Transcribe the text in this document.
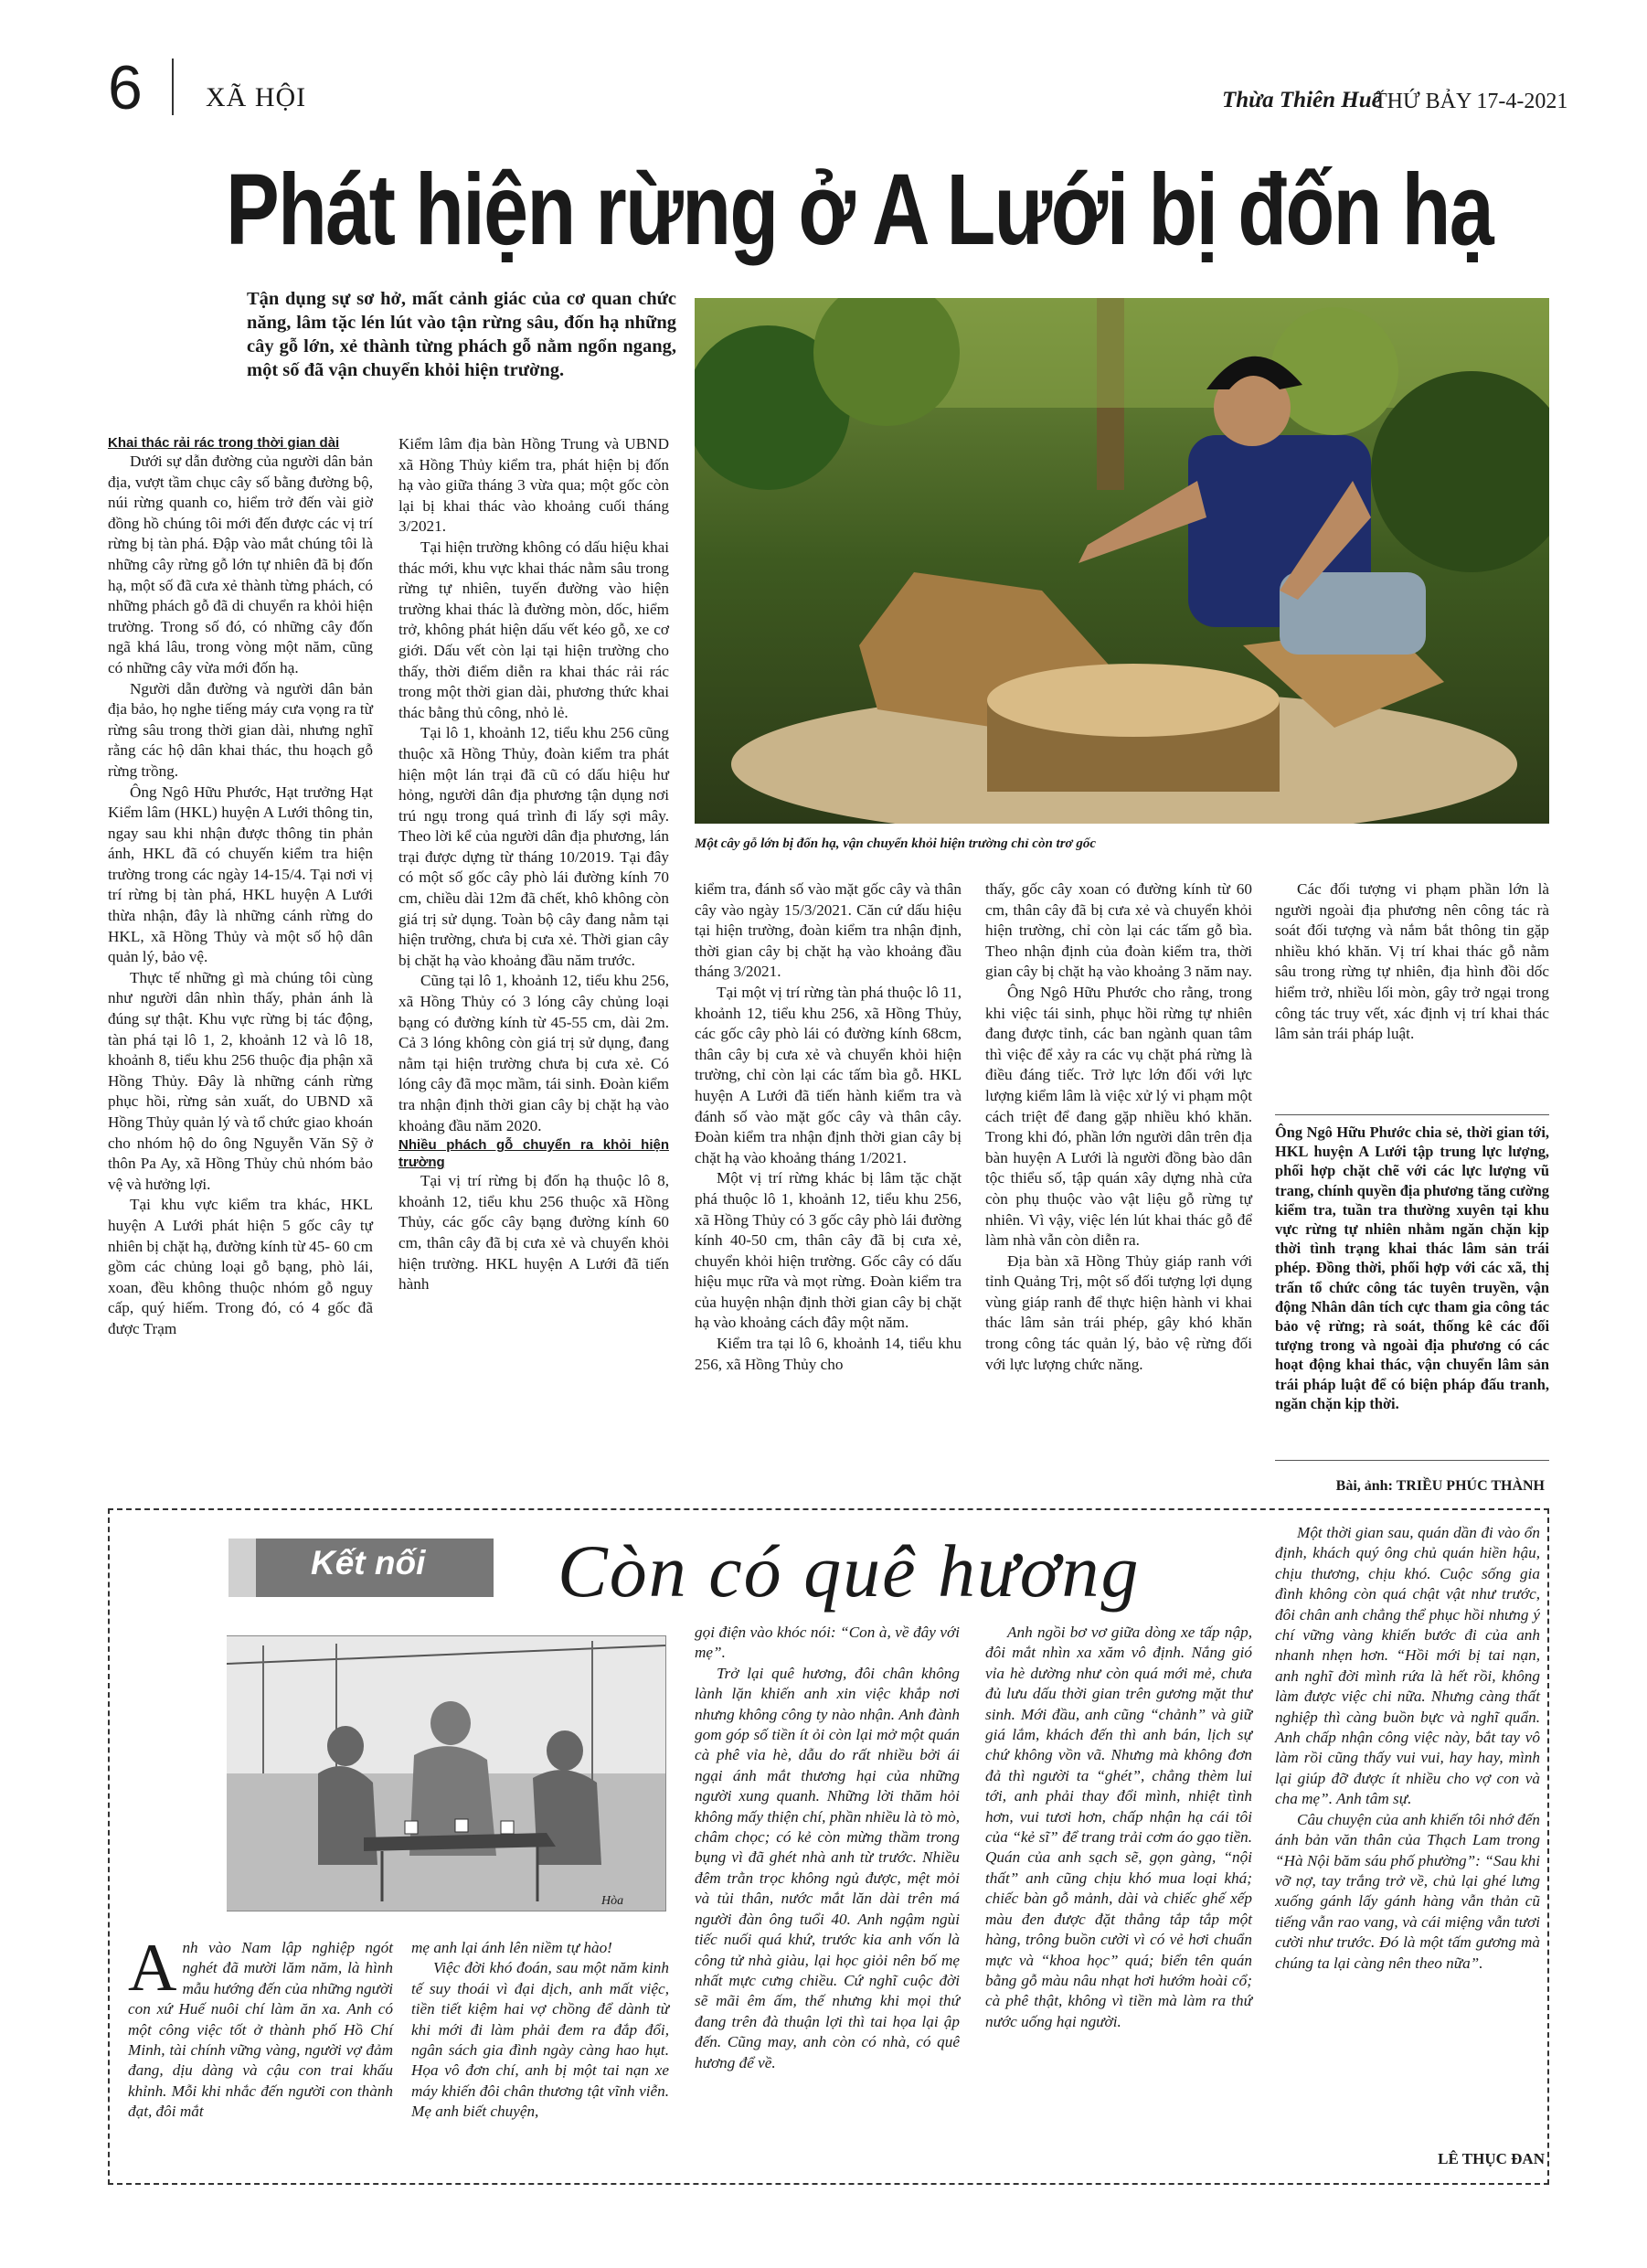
6 XÃ HỘI	Thừa Thiên Huế
THỨ BẢY 17-4-2021
Phát hiện rừng ở A Lưới bị đốn hạ
Tận dụng sự sơ hở, mất cảnh giác của cơ quan chức năng, lâm tặc lén lút vào tận rừng sâu, đốn hạ những cây gỗ lớn, xẻ thành từng phách gỗ nằm ngổn ngang, một số đã vận chuyển khỏi hiện trường.
Một cây gỗ lớn bị đốn hạ, vận chuyển khỏi hiện trường chỉ còn trơ gốc

Khai thác rải rác trong thời gian dài

Dưới sự dẫn đường của người dân bản địa, vượt tầm chục cây số bằng đường bộ, núi rừng quanh co, hiểm trở đến vài giờ đồng hồ chúng tôi mới đến được các vị trí rừng bị tàn phá. Đập vào mắt chúng tôi là những cây rừng gỗ lớn tự nhiên đã bị đốn hạ, một số đã cưa xẻ thành từng phách, có những phách gỗ đã di chuyển ra khỏi hiện trường. Trong số đó, có những cây đốn ngã khá lâu, trong vòng một năm, cũng có những cây vừa mới đốn hạ.

Người dẫn đường và người dân bản địa bảo, họ nghe tiếng máy cưa vọng ra từ rừng sâu trong thời gian dài, nhưng nghĩ rằng các hộ dân khai thác, thu hoạch gỗ rừng trồng.

Ông Ngô Hữu Phước, Hạt trưởng Hạt Kiểm lâm (HKL) huyện A Lưới thông tin, ngay sau khi nhận được thông tin phản ánh, HKL đã có chuyến kiểm tra hiện trường trong các ngày 14-15/4. Tại nơi vị trí rừng bị tàn phá, HKL huyện A Lưới thừa nhận, đây là những cánh rừng do HKL, xã Hồng Thủy và một số hộ dân quản lý, bảo vệ.

Thực tế những gì mà chúng tôi cùng như người dân nhìn thấy, phản ánh là đúng sự thật. Khu vực rừng bị tác động, tàn phá tại lô 1, 2, khoảnh 12 và lô 18, khoảnh 8, tiểu khu 256 thuộc địa phận xã Hồng Thủy. Đây là những cánh rừng phục hồi, rừng sản xuất, do UBND xã Hồng Thủy quản lý và tổ chức giao khoán cho nhóm hộ do ông Nguyễn Văn Sỹ ở thôn Pa Ay, xã Hồng Thủy chủ nhóm bảo vệ và hưởng lợi.

Tại khu vực kiểm tra khác, HKL huyện A Lưới phát hiện 5 gốc cây tự nhiên bị chặt hạ, đường kính từ 45- 60 cm gồm các chủng loại gỗ bạng, phò lái, xoan, đều không thuộc nhóm gỗ nguy cấp, quý hiếm. Trong đó, có 4 gốc đã được Trạm

Kiểm lâm địa bàn Hồng Trung và UBND xã Hồng Thủy kiểm tra, phát hiện bị đốn hạ vào giữa tháng 3 vừa qua; một gốc còn lại bị khai thác vào khoảng cuối tháng 3/2021.

Tại hiện trường không có dấu hiệu khai thác mới, khu vực khai thác nằm sâu trong rừng tự nhiên, tuyến đường vào hiện trường khai thác là đường mòn, dốc, hiểm trở, không phát hiện dấu vết kéo gỗ, xe cơ giới. Dấu vết còn lại tại hiện trường cho thấy, thời điểm diễn ra khai thác rải rác trong một thời gian dài, phương thức khai thác bằng thủ công, nhỏ lẻ.

Tại lô 1, khoảnh 12, tiểu khu 256 cũng thuộc xã Hồng Thủy, đoàn kiểm tra phát hiện một lán trại đã cũ có dấu hiệu hư hỏng, người dân địa phương tận dụng nơi trú ngụ trong quá trình đi lấy sợi mây. Theo lời kể của người dân địa phương, lán trại được dựng từ tháng 10/2019. Tại đây có một số gốc cây phò lái đường kính 70 cm, chiều dài 12m đã chết, khô không còn giá trị sử dụng. Toàn bộ cây đang nằm tại hiện trường, chưa bị cưa xẻ. Thời gian cây bị chặt hạ vào khoảng đầu năm trước.

Cũng tại lô 1, khoảnh 12, tiểu khu 256, xã Hồng Thủy có 3 lóng cây chủng loại bạng có đường kính từ 45-55 cm, dài 2m. Cả 3 lóng không còn giá trị sử dụng, đang nằm tại hiện trường chưa bị cưa xẻ. Có lóng cây đã mọc mầm, tái sinh. Đoàn kiểm tra nhận định thời gian cây bị chặt hạ vào khoảng đầu năm 2020.

Nhiều phách gỗ chuyển ra khỏi hiện trường

Tại vị trí rừng bị đốn hạ thuộc lô 8, khoảnh 12, tiểu khu 256 thuộc xã Hồng Thủy, các gốc cây bạng đường kính 60 cm, thân cây đã bị cưa xẻ và chuyển khỏi hiện trường. HKL huyện A Lưới đã tiến hành

kiểm tra, đánh số vào mặt gốc cây và thân cây vào ngày 15/3/2021. Căn cứ dấu hiệu tại hiện trường, đoàn kiểm tra nhận định, thời gian cây bị chặt hạ vào khoảng đầu tháng 3/2021.

Tại một vị trí rừng tàn phá thuộc lô 11, khoảnh 12, tiểu khu 256, xã Hồng Thủy, các gốc cây phò lái có đường kính 68cm, thân cây bị cưa xẻ và chuyển khỏi hiện trường, chỉ còn lại các tấm bìa gỗ. HKL huyện A Lưới đã tiến hành kiểm tra và đánh số vào mặt gốc cây và thân cây. Đoàn kiểm tra nhận định thời gian cây bị chặt hạ vào khoảng tháng 1/2021.

Một vị trí rừng khác bị lâm tặc chặt phá thuộc lô 1, khoảnh 12, tiểu khu 256, xã Hồng Thủy có 3 gốc cây phò lái đường kính 40-50 cm, thân cây đã bị cưa xẻ, chuyển khỏi hiện trường. Gốc cây có dấu hiệu mục rữa và mọt rừng. Đoàn kiểm tra của huyện nhận định thời gian cây bị chặt hạ vào khoảng cách đây một năm.

Kiểm tra tại lô 6, khoảnh 14, tiểu khu 256, xã Hồng Thủy cho

thấy, gốc cây xoan có đường kính từ 60 cm, thân cây đã bị cưa xẻ và chuyển khỏi hiện trường, chỉ còn lại các tấm gỗ bìa. Theo nhận định của đoàn kiểm tra, thời gian cây bị chặt hạ vào khoảng 3 năm nay.

Ông Ngô Hữu Phước cho rằng, trong khi việc tái sinh, phục hồi rừng tự nhiên đang được tỉnh, các ban ngành quan tâm thì việc để xảy ra các vụ chặt phá rừng là điều đáng tiếc. Trở lực lớn đối với lực lượng kiểm lâm là việc xử lý vi phạm một cách triệt để đang gặp nhiều khó khăn. Trong khi đó, phần lớn người dân trên địa bàn huyện A Lưới là người đồng bào dân tộc thiểu số, tập quán xây dựng nhà cửa còn phụ thuộc vào vật liệu gỗ rừng tự nhiên. Vì vậy, việc lén lút khai thác gỗ để làm nhà vẫn còn diễn ra.

Địa bàn xã Hồng Thủy giáp ranh với tỉnh Quảng Trị, một số đối tượng lợi dụng vùng giáp ranh để thực hiện hành vi khai thác lâm sản trái phép, gây khó khăn trong công tác quản lý, bảo vệ rừng đối với lực lượng chức năng.

Các đối tượng vi phạm phần lớn là người ngoài địa phương nên công tác rà soát đối tượng và nắm bắt thông tin gặp nhiều khó khăn. Vị trí khai thác gỗ nằm sâu trong rừng tự nhiên, địa hình đồi dốc hiểm trở, nhiều lối mòn, gây trở ngại trong công tác truy vết, xác định vị trí khai thác lâm sản trái pháp luật.

Ông Ngô Hữu Phước chia sẻ, thời gian tới, HKL huyện A Lưới tập trung lực lượng, phối hợp chặt chẽ với các lực lượng vũ trang, chính quyền địa phương tăng cường kiểm tra, tuần tra thường xuyên tại khu vực rừng tự nhiên nhằm ngăn chặn kịp thời tình trạng khai thác lâm sản trái phép. Đồng thời, phối hợp với các xã, thị trấn tổ chức công tác tuyên truyền, vận động Nhân dân tích cực tham gia công tác bảo vệ rừng; rà soát, thống kê các đối tượng trong và ngoài địa phương có các hoạt động khai thác, vận chuyển lâm sản trái pháp luật để có biện pháp đấu tranh, ngăn chặn kịp thời.
Bài, ảnh: TRIỀU PHÚC THÀNH
Kết nối Còn có quê hương
Hòa

Anh vào Nam lập nghiệp ngót nghét đã mười lăm năm, là hình mẫu hướng đến của những người con xứ Huế nuôi chí làm ăn xa. Anh có một công việc tốt ở thành phố Hồ Chí Minh, tài chính vững vàng, người vợ đảm đang, dịu dàng và cậu con trai khấu khỉnh. Mỗi khi nhắc đến người con thành đạt, đôi mắt

mẹ anh lại ánh lên niềm tự hào!

Việc đời khó đoán, sau một năm kinh tế suy thoái vì đại dịch, anh mất việc, tiền tiết kiệm hai vợ chồng để dành từ khi mới đi làm phải đem ra đắp đổi, ngân sách gia đình ngày càng hao hụt. Họa vô đơn chí, anh bị một tai nạn xe máy khiến đôi chân thương tật vĩnh viễn. Mẹ anh biết chuyện,

gọi điện vào khóc nói: “Con à, về đây với mẹ”.

Trở lại quê hương, đôi chân không lành lặn khiến anh xin việc khắp nơi nhưng không công ty nào nhận. Anh đành gom góp số tiền ít ỏi còn lại mở một quán cà phê vỉa hè, dẫu do rất nhiều bởi ái ngại ánh mắt thương hại của những người xung quanh. Những lời thăm hỏi không mấy thiện chí, phần nhiều là tò mò, châm chọc; có kẻ còn mừng thầm trong bụng vì đã ghét nhà anh từ trước. Nhiều đêm trằn trọc không ngủ được, mệt mỏi và tủi thân, nước mắt lăn dài trên má người đàn ông tuổi 40. Anh ngậm ngùi tiếc nuối quá khứ, trước kia anh vốn là công tử nhà giàu, lại học giỏi nên bố mẹ nhất mực cưng chiều. Cứ nghĩ cuộc đời sẽ mãi êm ấm, thế nhưng khi mọi thứ đang trên đà thuận lợi thì tai họa lại ập đến. Cũng may, anh còn có nhà, có quê hương để về.

Anh ngồi bơ vơ giữa dòng xe tấp nập, đôi mắt nhìn xa xăm vô định. Nắng gió vỉa hè dường như còn quá mới mẻ, chưa đủ lưu dấu thời gian trên gương mặt thư sinh. Mới đầu, anh cũng “chảnh” và giữ giá lắm, khách đến thì anh bán, lịch sự chứ không vồn vã. Nhưng mà không đơn đả thì người ta “ghét”, chẳng thèm lui tới, anh phải thay đổi mình, nhiệt tình hơn, vui tươi hơn, chấp nhận hạ cái tôi của “kẻ sĩ” để trang trải cơm áo gạo tiền. Quán của anh sạch sẽ, gọn gàng, “nội thất” anh cũng chịu khó mua loại khá; chiếc bàn gỗ mảnh, dài và chiếc ghế xếp màu đen được đặt thẳng tắp tắp một hàng, trông buồn cười vì có vẻ hơi chuẩn mực và “khoa học” quá; biển tên quán bằng gỗ màu nâu nhạt hơi hướm hoài cổ; cà phê thật, không vì tiền mà làm ra thứ nước uống hại người.

Một thời gian sau, quán dần đi vào ổn định, khách quý ông chủ quán hiền hậu, chịu thương, chịu khó. Cuộc sống gia đình không còn quá chật vật như trước, đôi chân anh chẳng thể phục hồi nhưng ý chí vững vàng khiến bước đi của anh nhanh nhẹn hơn. “Hồi mới bị tai nạn, anh nghĩ đời mình rứa là hết rồi, không làm được việc chi nữa. Nhưng càng thất nghiệp thì càng buồn bực và nghĩ quẩn. Anh chấp nhận công việc này, bắt tay vô làm rồi cũng thấy vui vui, hay hay, mình lại giúp đỡ được ít nhiều cho vợ con và cha mẹ”. Anh tâm sự.

Câu chuyện của anh khiến tôi nhớ đến ánh bản văn thân của Thạch Lam trong “Hà Nội băm sáu phố phường”: “Sau khi vỡ nợ, tay trắng trở về, chủ lại ghé lưng xuống gánh lấy gánh hàng vẫn thản cũ tiếng vẫn rao vang, và cái miệng vẫn tươi cười như trước. Đó là một tấm gương mà chúng ta lại càng nên theo nữa”.

LÊ THỤC ĐAN
